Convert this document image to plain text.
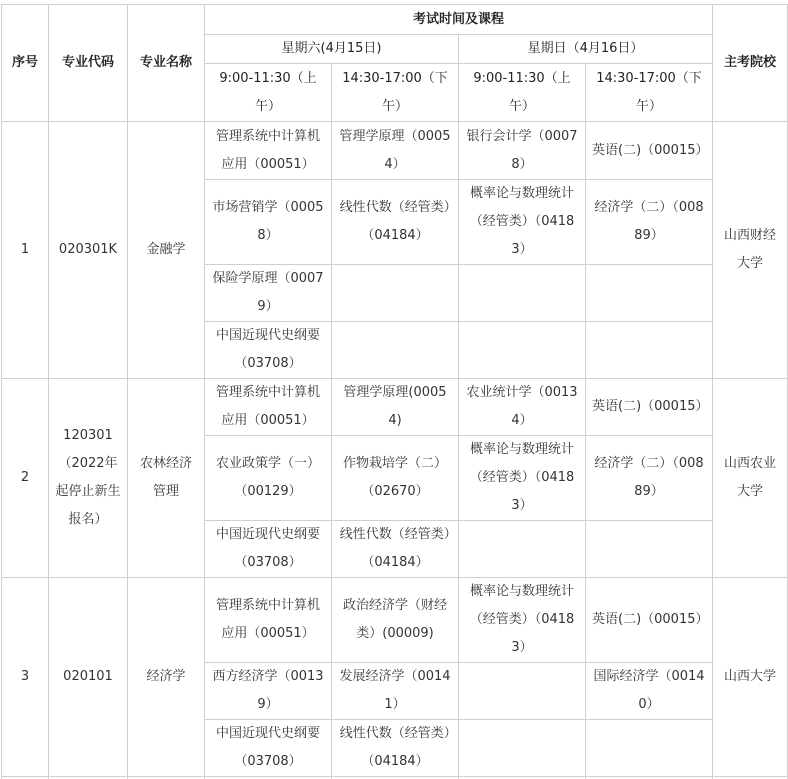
序号	专业代码	专业名称	考试时间及课程				主考院校
			星期六(4月15日)		星期日（4月16日）		
			9:00-11:30（上午）	14:30-17:00（下午）	9:00-11:30（上午）	14:30-17:00（下午）	
1	020301K	金融学	管理系统中计算机应用（00051）	管理学原理（00054）	银行会计学（00078）	英语(二)（00015）	山西财经大学
			市场营销学（00058）	线性代数（经管类）（04184）	概率论与数理统计（经管类）（04183）	经济学（二）（00889）	
			保险学原理（00079）				
			中国近现代史纲要（03708）				
2	120301（2022年起停止新生报名）	农林经济管理	管理系统中计算机应用（00051）	管理学原理(00054)	农业统计学（00134）	英语(二)（00015）	山西农业大学
			农业政策学（一）（00129）	作物栽培学（二）（02670）	概率论与数理统计（经管类）（04183）	经济学（二）（00889）	
			中国近现代史纲要（03708）	线性代数（经管类）（04184）			
3	020101	经济学	管理系统中计算机应用（00051）	政治经济学（财经类）(00009)	概率论与数理统计（经管类）（04183）	英语(二)（00015）	山西大学
			西方经济学（00139）	发展经济学（00141）		国际经济学（00140）	
			中国近现代史纲要（03708）	线性代数（经管类）（04184）			
